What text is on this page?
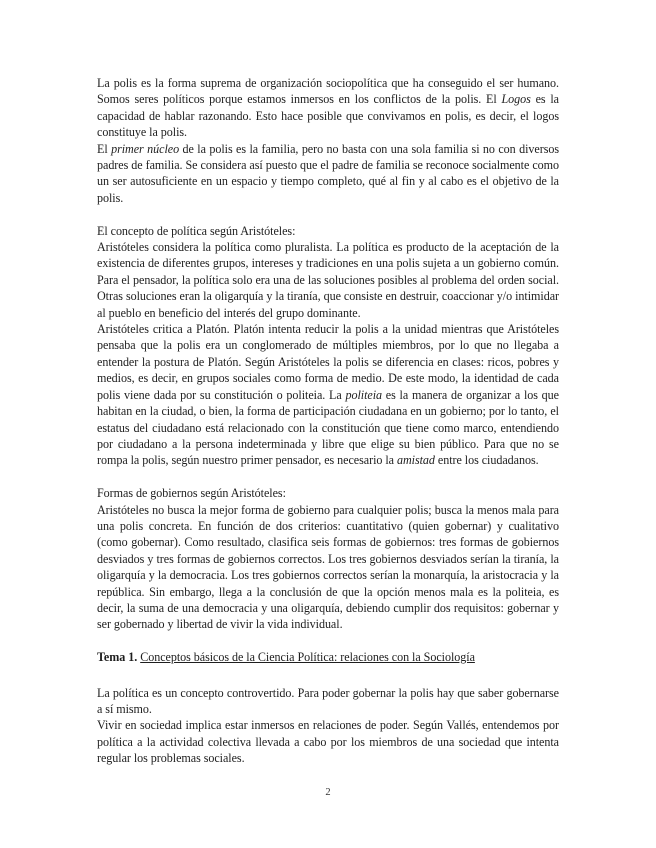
La polis es la forma suprema de organización sociopolítica que ha conseguido el ser humano. Somos seres políticos porque estamos inmersos en los conflictos de la polis. El Logos es la capacidad de hablar razonando. Esto hace posible que convivamos en polis, es decir, el logos constituye la polis.

El primer núcleo de la polis es la familia, pero no basta con una sola familia si no con diversos padres de familia. Se considera así puesto que el padre de familia se reconoce socialmente como un ser autosuficiente en un espacio y tiempo completo, qué al fin y al cabo es el objetivo de la polis.

El concepto de política según Aristóteles:

Aristóteles considera la política como pluralista. La política es producto de la aceptación de la existencia de diferentes grupos, intereses y tradiciones en una polis sujeta a un gobierno común. Para el pensador, la política solo era una de las soluciones posibles al problema del orden social. Otras soluciones eran la oligarquía y la tiranía, que consiste en destruir, coaccionar y/o intimidar al pueblo en beneficio del interés del grupo dominante.

Aristóteles critica a Platón. Platón intenta reducir la polis a la unidad mientras que Aristóteles pensaba que la polis era un conglomerado de múltiples miembros, por lo que no llegaba a entender la postura de Platón. Según Aristóteles la polis se diferencia en clases: ricos, pobres y medios, es decir, en grupos sociales como forma de medio. De este modo, la identidad de cada polis viene dada por su constitución o politeia. La politeia es la manera de organizar a los que habitan en la ciudad, o bien, la forma de participación ciudadana en un gobierno; por lo tanto, el estatus del ciudadano está relacionado con la constitución que tiene como marco, entendiendo por ciudadano a la persona indeterminada y libre que elige su bien público. Para que no se rompa la polis, según nuestro primer pensador, es necesario la amistad entre los ciudadanos.

Formas de gobiernos según Aristóteles:

Aristóteles no busca la mejor forma de gobierno para cualquier polis; busca la menos mala para una polis concreta. En función de dos criterios: cuantitativo (quien gobernar) y cualitativo (como gobernar). Como resultado, clasifica seis formas de gobiernos: tres formas de gobiernos desviados y tres formas de gobiernos correctos. Los tres gobiernos desviados serían la tiranía, la oligarquía y la democracia. Los tres gobiernos correctos serían la monarquía, la aristocracia y la república. Sin embargo, llega a la conclusión de que la opción menos mala es la politeia, es decir, la suma de una democracia y una oligarquía, debiendo cumplir dos requisitos: gobernar y ser gobernado y libertad de vivir la vida individual.

Tema 1. Conceptos básicos de la Ciencia Política: relaciones con la Sociología

La política es un concepto controvertido. Para poder gobernar la polis hay que saber gobernarse a sí mismo.

Vivir en sociedad implica estar inmersos en relaciones de poder. Según Vallés, entendemos por política a la actividad colectiva llevada a cabo por los miembros de una sociedad que intenta regular los problemas sociales.

2
